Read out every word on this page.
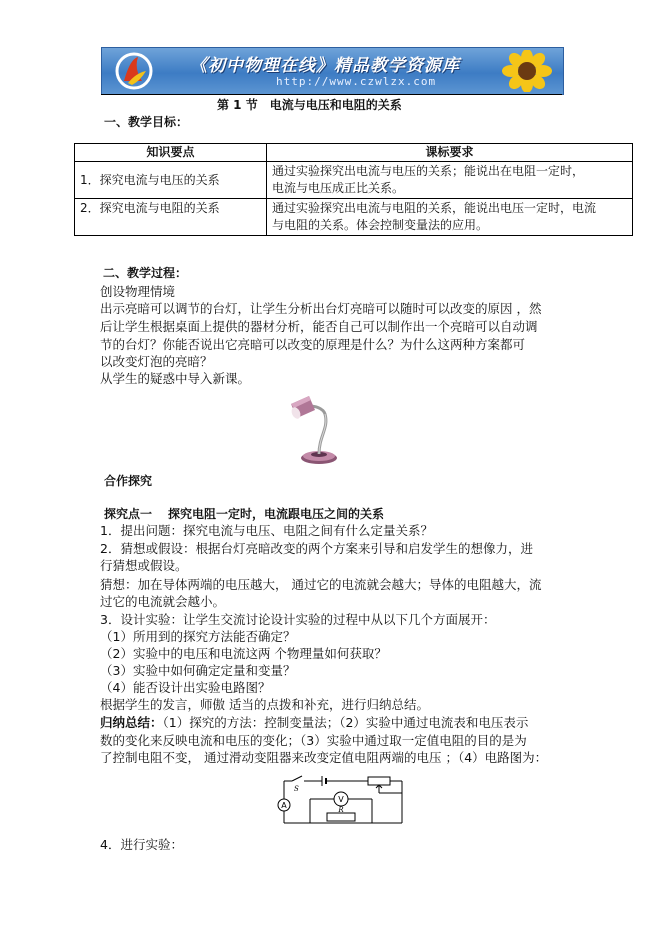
《初中物理在线》精品教学资源库
http://www.czwlzx.com
第 1 节　电流与电压和电阻的关系
一、教学目标：
知识要点	课标要求
1．探究电流与电压的关系	通过实验探究出电流与电压的关系；能说出在电阻一定时，
电流与电压成正比关系。

2．探究电流与电阻的关系	通过实验探究出电流与电阻的关系，能说出电压一定时，电流
与电阻的关系。体会控制变量法的应用。
二、教学过程：
创设物理情境
出示亮暗可以调节的台灯，让学生分析出台灯亮暗可以随时可以改变的原因 ，然
后让学生根据桌面上提供的器材分析，能否自己可以制作出一个亮暗可以自动调
节的台灯？你能否说出它亮暗可以改变的原理是什么？为什么这两种方案都可
以改变灯泡的亮暗？
从学生的疑惑中导入新课。
合作探究
探究点一 探究电阻一定时，电流跟电压之间的关系
1．提出问题：探究电流与电压、电阻之间有什么定量关系？
2．猜想或假设：根据台灯亮暗改变的两个方案来引导和启发学生的想像力，进
行猜想或假设。
猜想：加在导体两端的电压越大， 通过它的电流就会越大；导体的电阻越大，流
过它的电流就会越小。
3．设计实验：让学生交流讨论设计实验的过程中从以下几个方面展开：
（1）所用到的探究方法能否确定？
（2）实验中的电压和电流这两 个物理量如何获取？
（3）实验中如何确定定量和变量？
（4）能否设计出实验电路图？
根据学生的发言，师傲 适当的点拨和补充，进行归纳总结。
归纳总结：（1）探究的方法：控制变量法；（2）实验中通过电流表和电压表示
数的变化来反映电流和电压的变化；（3）实验中通过取一定值电阻的目的是为
了控制电阻不变， 通过滑动变阻器来改变定值电阻两端的电压 ；（4）电路图为：
A
V
R
S
4．进行实验：
